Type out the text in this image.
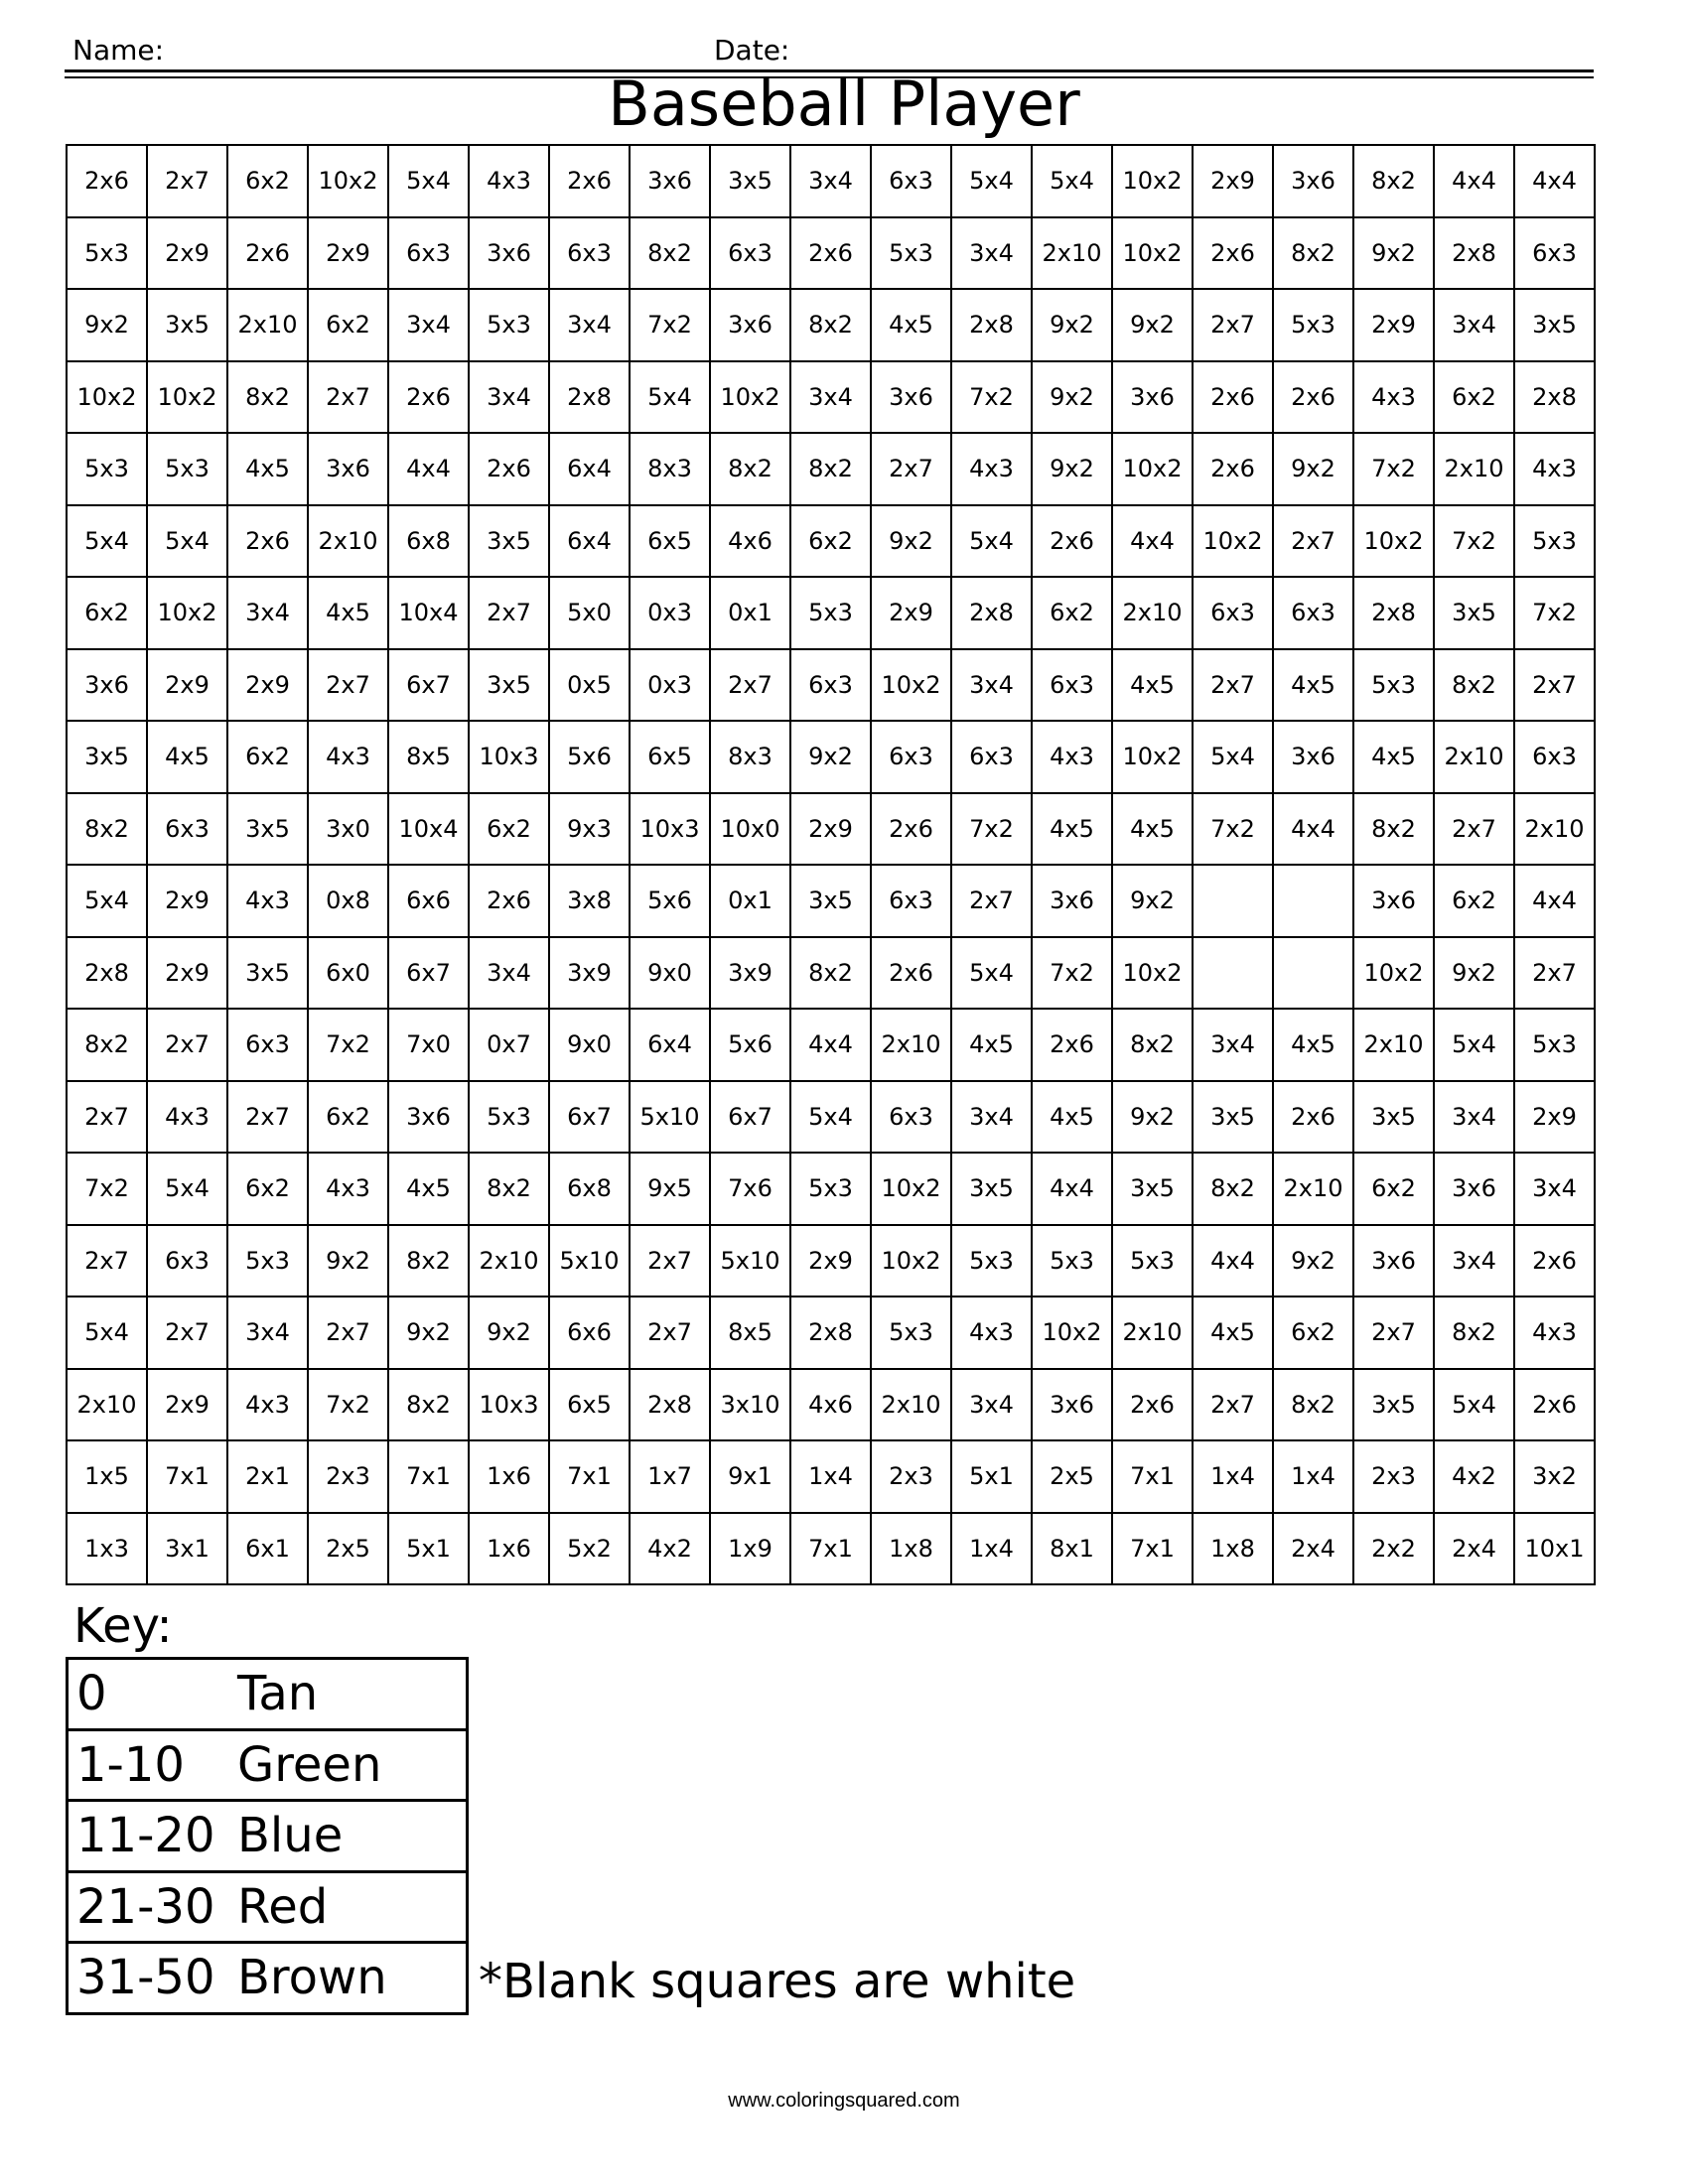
Name:	Date:
Baseball Player
2x6	2x7	6x2	10x2	5x4	4x3	2x6	3x6	3x5	3x4	6x3	5x4	5x4	10x2	2x9	3x6	8x2	4x4	4x4
5x3	2x9	2x6	2x9	6x3	3x6	6x3	8x2	6x3	2x6	5x3	3x4	2x10	10x2	2x6	8x2	9x2	2x8	6x3
9x2	3x5	2x10	6x2	3x4	5x3	3x4	7x2	3x6	8x2	4x5	2x8	9x2	9x2	2x7	5x3	2x9	3x4	3x5
10x2	10x2	8x2	2x7	2x6	3x4	2x8	5x4	10x2	3x4	3x6	7x2	9x2	3x6	2x6	2x6	4x3	6x2	2x8
5x3	5x3	4x5	3x6	4x4	2x6	6x4	8x3	8x2	8x2	2x7	4x3	9x2	10x2	2x6	9x2	7x2	2x10	4x3
5x4	5x4	2x6	2x10	6x8	3x5	6x4	6x5	4x6	6x2	9x2	5x4	2x6	4x4	10x2	2x7	10x2	7x2	5x3
6x2	10x2	3x4	4x5	10x4	2x7	5x0	0x3	0x1	5x3	2x9	2x8	6x2	2x10	6x3	6x3	2x8	3x5	7x2
3x6	2x9	2x9	2x7	6x7	3x5	0x5	0x3	2x7	6x3	10x2	3x4	6x3	4x5	2x7	4x5	5x3	8x2	2x7
3x5	4x5	6x2	4x3	8x5	10x3	5x6	6x5	8x3	9x2	6x3	6x3	4x3	10x2	5x4	3x6	4x5	2x10	6x3
8x2	6x3	3x5	3x0	10x4	6x2	9x3	10x3	10x0	2x9	2x6	7x2	4x5	4x5	7x2	4x4	8x2	2x7	2x10
5x4	2x9	4x3	0x8	6x6	2x6	3x8	5x6	0x1	3x5	6x3	2x7	3x6	9x2			3x6	6x2	4x4
2x8	2x9	3x5	6x0	6x7	3x4	3x9	9x0	3x9	8x2	2x6	5x4	7x2	10x2			10x2	9x2	2x7
8x2	2x7	6x3	7x2	7x0	0x7	9x0	6x4	5x6	4x4	2x10	4x5	2x6	8x2	3x4	4x5	2x10	5x4	5x3
2x7	4x3	2x7	6x2	3x6	5x3	6x7	5x10	6x7	5x4	6x3	3x4	4x5	9x2	3x5	2x6	3x5	3x4	2x9
7x2	5x4	6x2	4x3	4x5	8x2	6x8	9x5	7x6	5x3	10x2	3x5	4x4	3x5	8x2	2x10	6x2	3x6	3x4
2x7	6x3	5x3	9x2	8x2	2x10	5x10	2x7	5x10	2x9	10x2	5x3	5x3	5x3	4x4	9x2	3x6	3x4	2x6
5x4	2x7	3x4	2x7	9x2	9x2	6x6	2x7	8x5	2x8	5x3	4x3	10x2	2x10	4x5	6x2	2x7	8x2	4x3
2x10	2x9	4x3	7x2	8x2	10x3	6x5	2x8	3x10	4x6	2x10	3x4	3x6	2x6	2x7	8x2	3x5	5x4	2x6
1x5	7x1	2x1	2x3	7x1	1x6	7x1	1x7	9x1	1x4	2x3	5x1	2x5	7x1	1x4	1x4	2x3	4x2	3x2
1x3	3x1	6x1	2x5	5x1	1x6	5x2	4x2	1x9	7x1	1x8	1x4	8x1	7x1	1x8	2x4	2x2	2x4	10x1
Key:
0	Tan
1-10	Green
11-20	Blue
21-30	Red
31-50	Brown *Blank squares are white
www.coloringsquared.com
